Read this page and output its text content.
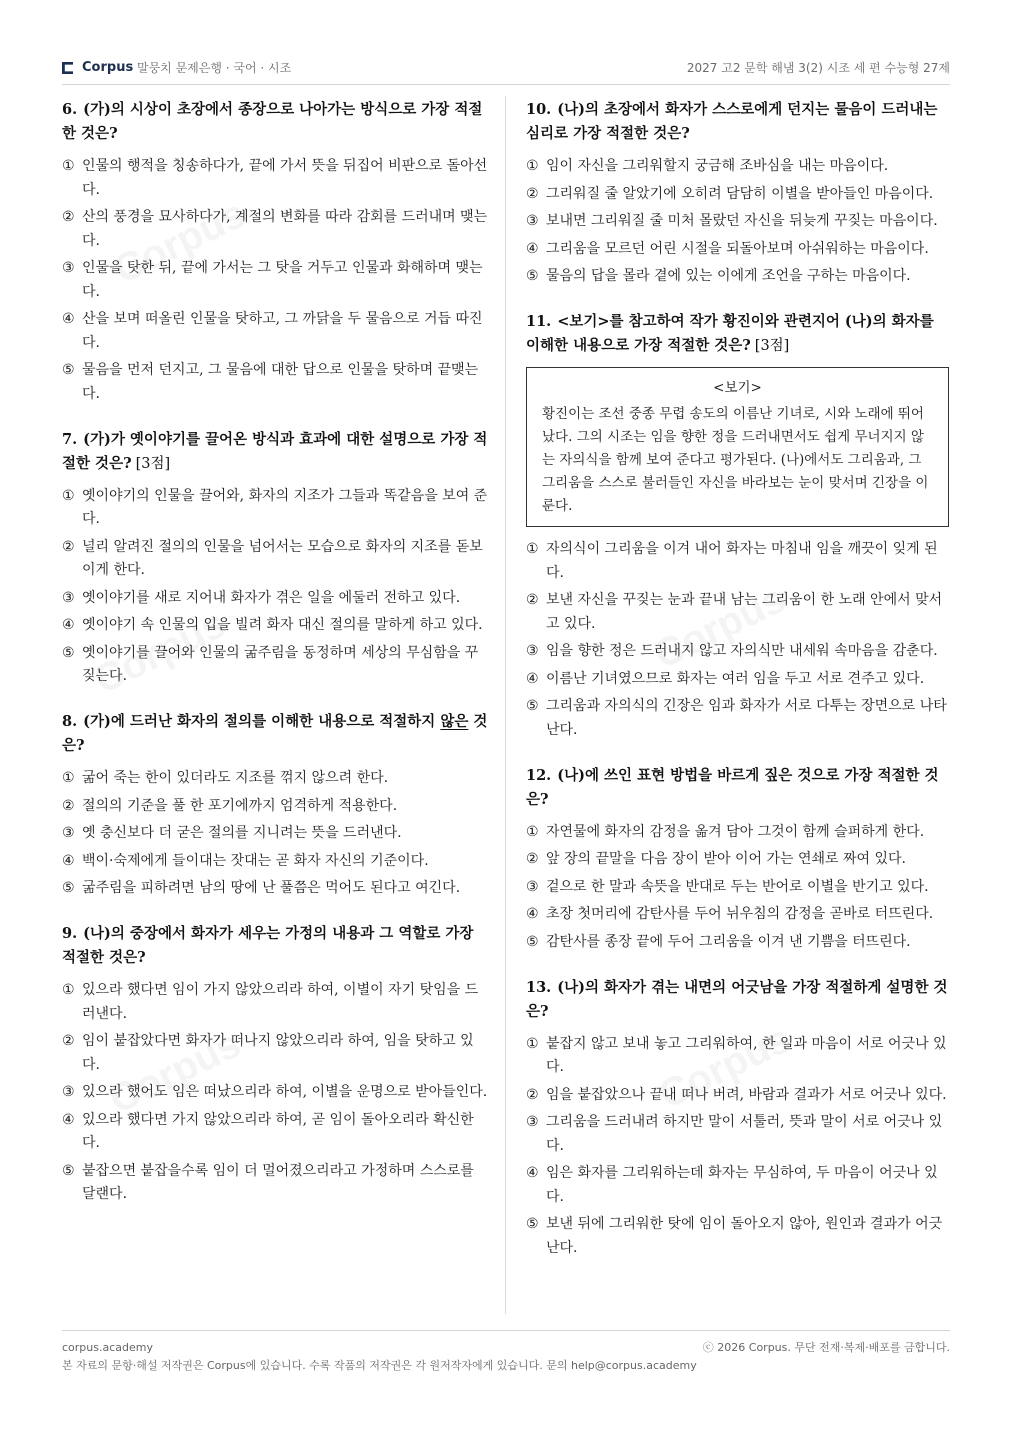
Corpus 말뭉치 문제은행 · 국어 · 시조	2027 고2 문학 해냄 3(2) 시조 세 편 수능형 27제
6. (가)의 시상이 초장에서 종장으로 나아가는 방식으로 가장 적절한 것은?
① 인물의 행적을 칭송하다가, 끝에 가서 뜻을 뒤집어 비판으로 돌아선다.
② 산의 풍경을 묘사하다가, 계절의 변화를 따라 감회를 드러내며 맺는다.
③ 인물을 탓한 뒤, 끝에 가서는 그 탓을 거두고 인물과 화해하며 맺는다.
④ 산을 보며 떠올린 인물을 탓하고, 그 까닭을 두 물음으로 거듭 따진다.
⑤ 물음을 먼저 던지고, 그 물음에 대한 답으로 인물을 탓하며 끝맺는다.
7. (가)가 옛이야기를 끌어온 방식과 효과에 대한 설명으로 가장 적절한 것은? [3점]
① 옛이야기의 인물을 끌어와, 화자의 지조가 그들과 똑같음을 보여 준다.
② 널리 알려진 절의의 인물을 넘어서는 모습으로 화자의 지조를 돋보이게 한다.
③ 옛이야기를 새로 지어내 화자가 겪은 일을 에둘러 전하고 있다.
④ 옛이야기 속 인물의 입을 빌려 화자 대신 절의를 말하게 하고 있다.
⑤ 옛이야기를 끌어와 인물의 굶주림을 동정하며 세상의 무심함을 꾸짖는다.
8. (가)에 드러난 화자의 절의를 이해한 내용으로 적절하지 않은 것은?
① 굶어 죽는 한이 있더라도 지조를 꺾지 않으려 한다.
② 절의의 기준을 풀 한 포기에까지 엄격하게 적용한다.
③ 옛 충신보다 더 굳은 절의를 지니려는 뜻을 드러낸다.
④ 백이·숙제에게 들이대는 잣대는 곧 화자 자신의 기준이다.
⑤ 굶주림을 피하려면 남의 땅에 난 풀쯤은 먹어도 된다고 여긴다.
9. (나)의 중장에서 화자가 세우는 가정의 내용과 그 역할로 가장 적절한 것은?
① 있으라 했다면 임이 가지 않았으리라 하여, 이별이 자기 탓임을 드러낸다.
② 임이 붙잡았다면 화자가 떠나지 않았으리라 하여, 임을 탓하고 있다.
③ 있으라 했어도 임은 떠났으리라 하여, 이별을 운명으로 받아들인다.
④ 있으라 했다면 가지 않았으리라 하여, 곧 임이 돌아오리라 확신한다.
⑤ 붙잡으면 붙잡을수록 임이 더 멀어졌으리라고 가정하며 스스로를 달랜다.
10. (나)의 초장에서 화자가 스스로에게 던지는 물음이 드러내는 심리로 가장 적절한 것은?
① 임이 자신을 그리워할지 궁금해 조바심을 내는 마음이다.
② 그리워질 줄 알았기에 오히려 담담히 이별을 받아들인 마음이다.
③ 보내면 그리워질 줄 미처 몰랐던 자신을 뒤늦게 꾸짖는 마음이다.
④ 그리움을 모르던 어린 시절을 되돌아보며 아쉬워하는 마음이다.
⑤ 물음의 답을 몰라 곁에 있는 이에게 조언을 구하는 마음이다.
11. <보기>를 참고하여 작가 황진이와 관련지어 (나)의 화자를 이해한 내용으로 가장 적절한 것은? [3점]
<보기>
황진이는 조선 중종 무렵 송도의 이름난 기녀로, 시와 노래에 뛰어났다. 그의 시조는 임을 향한 정을 드러내면서도 쉽게 무너지지 않는 자의식을 함께 보여 준다고 평가된다. (나)에서도 그리움과, 그 그리움을 스스로 불러들인 자신을 바라보는 눈이 맞서며 긴장을 이룬다.
① 자의식이 그리움을 이겨 내어 화자는 마침내 임을 깨끗이 잊게 된다.
② 보낸 자신을 꾸짖는 눈과 끝내 남는 그리움이 한 노래 안에서 맞서고 있다.
③ 임을 향한 정은 드러내지 않고 자의식만 내세워 속마음을 감춘다.
④ 이름난 기녀였으므로 화자는 여러 임을 두고 서로 견주고 있다.
⑤ 그리움과 자의식의 긴장은 임과 화자가 서로 다투는 장면으로 나타난다.
12. (나)에 쓰인 표현 방법을 바르게 짚은 것으로 가장 적절한 것은?
① 자연물에 화자의 감정을 옮겨 담아 그것이 함께 슬퍼하게 한다.
② 앞 장의 끝말을 다음 장이 받아 이어 가는 연쇄로 짜여 있다.
③ 겉으로 한 말과 속뜻을 반대로 두는 반어로 이별을 반기고 있다.
④ 초장 첫머리에 감탄사를 두어 뉘우침의 감정을 곧바로 터뜨린다.
⑤ 감탄사를 종장 끝에 두어 그리움을 이겨 낸 기쁨을 터뜨린다.
13. (나)의 화자가 겪는 내면의 어긋남을 가장 적절하게 설명한 것은?
① 붙잡지 않고 보내 놓고 그리워하여, 한 일과 마음이 서로 어긋나 있다.
② 임을 붙잡았으나 끝내 떠나 버려, 바람과 결과가 서로 어긋나 있다.
③ 그리움을 드러내려 하지만 말이 서툴러, 뜻과 말이 서로 어긋나 있다.
④ 임은 화자를 그리워하는데 화자는 무심하여, 두 마음이 어긋나 있다.
⑤ 보낸 뒤에 그리워한 탓에 임이 돌아오지 않아, 원인과 결과가 어긋난다.
corpus.academy	ⓒ 2026 Corpus. 무단 전재·복제·배포를 금합니다.
본 자료의 문항·해설 저작권은 Corpus에 있습니다. 수록 작품의 저작권은 각 원저작자에게 있습니다. 문의 help@corpus.academy
